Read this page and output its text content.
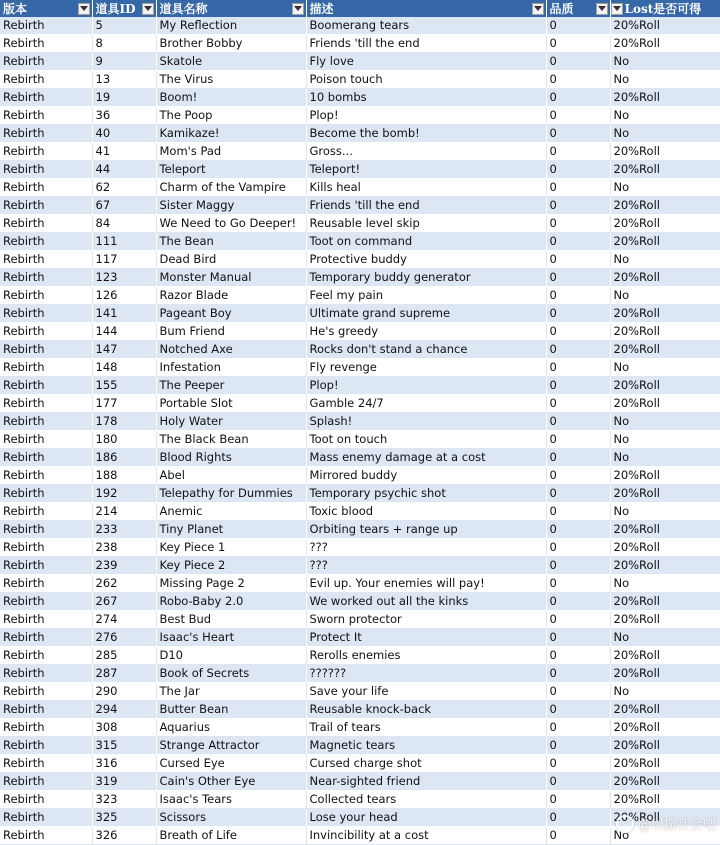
版本	道具ID	道具名称	描述	品质	Lost是否可得

Rebirth	5	My Reflection	Boomerang tears	0	20%Roll
Rebirth	8	Brother Bobby	Friends 'till the end	0	20%Roll
Rebirth	9	Skatole	Fly love	0	No
Rebirth	13	The Virus	Poison touch	0	No
Rebirth	19	Boom!	10 bombs	0	20%Roll
Rebirth	36	The Poop	Plop!	0	No
Rebirth	40	Kamikaze!	Become the bomb!	0	No
Rebirth	41	Mom's Pad	Gross...	0	20%Roll
Rebirth	44	Teleport	Teleport!	0	20%Roll
Rebirth	62	Charm of the Vampire	Kills heal	0	No
Rebirth	67	Sister Maggy	Friends 'till the end	0	20%Roll
Rebirth	84	We Need to Go Deeper!	Reusable level skip	0	20%Roll
Rebirth	111	The Bean	Toot on command	0	20%Roll
Rebirth	117	Dead Bird	Protective buddy	0	No
Rebirth	123	Monster Manual	Temporary buddy generator	0	20%Roll
Rebirth	126	Razor Blade	Feel my pain	0	No
Rebirth	141	Pageant Boy	Ultimate grand supreme	0	20%Roll
Rebirth	144	Bum Friend	He's greedy	0	20%Roll
Rebirth	147	Notched Axe	Rocks don't stand a chance	0	20%Roll
Rebirth	148	Infestation	Fly revenge	0	No
Rebirth	155	The Peeper	Plop!	0	20%Roll
Rebirth	177	Portable Slot	Gamble 24/7	0	20%Roll
Rebirth	178	Holy Water	Splash!	0	No
Rebirth	180	The Black Bean	Toot on touch	0	No
Rebirth	186	Blood Rights	Mass enemy damage at a cost	0	No
Rebirth	188	Abel	Mirrored buddy	0	20%Roll
Rebirth	192	Telepathy for Dummies	Temporary psychic shot	0	20%Roll
Rebirth	214	Anemic	Toxic blood	0	No
Rebirth	233	Tiny Planet	Orbiting tears + range up	0	20%Roll
Rebirth	238	Key Piece 1	???	0	20%Roll
Rebirth	239	Key Piece 2	???	0	20%Roll
Rebirth	262	Missing Page 2	Evil up. Your enemies will pay!	0	No
Rebirth	267	Robo-Baby 2.0	We worked out all the kinks	0	20%Roll
Rebirth	274	Best Bud	Sworn protector	0	20%Roll
Rebirth	276	Isaac's Heart	Protect It	0	No
Rebirth	285	D10	Rerolls enemies	0	20%Roll
Rebirth	287	Book of Secrets	??????	0	20%Roll
Rebirth	290	The Jar	Save your life	0	No
Rebirth	294	Butter Bean	Reusable knock-back	0	20%Roll
Rebirth	308	Aquarius	Trail of tears	0	20%Roll
Rebirth	315	Strange Attractor	Magnetic tears	0	20%Roll
Rebirth	316	Cursed Eye	Cursed charge shot	0	20%Roll
Rebirth	319	Cain's Other Eye	Near-sighted friend	0	20%Roll
Rebirth	323	Isaac's Tears	Collected tears	0	20%Roll
Rebirth	325	Scissors	Lose your head	0	20%Roll
Rebirth	326	Breath of Life	Invincibility at a cost	0	No
@以撒社会吧
